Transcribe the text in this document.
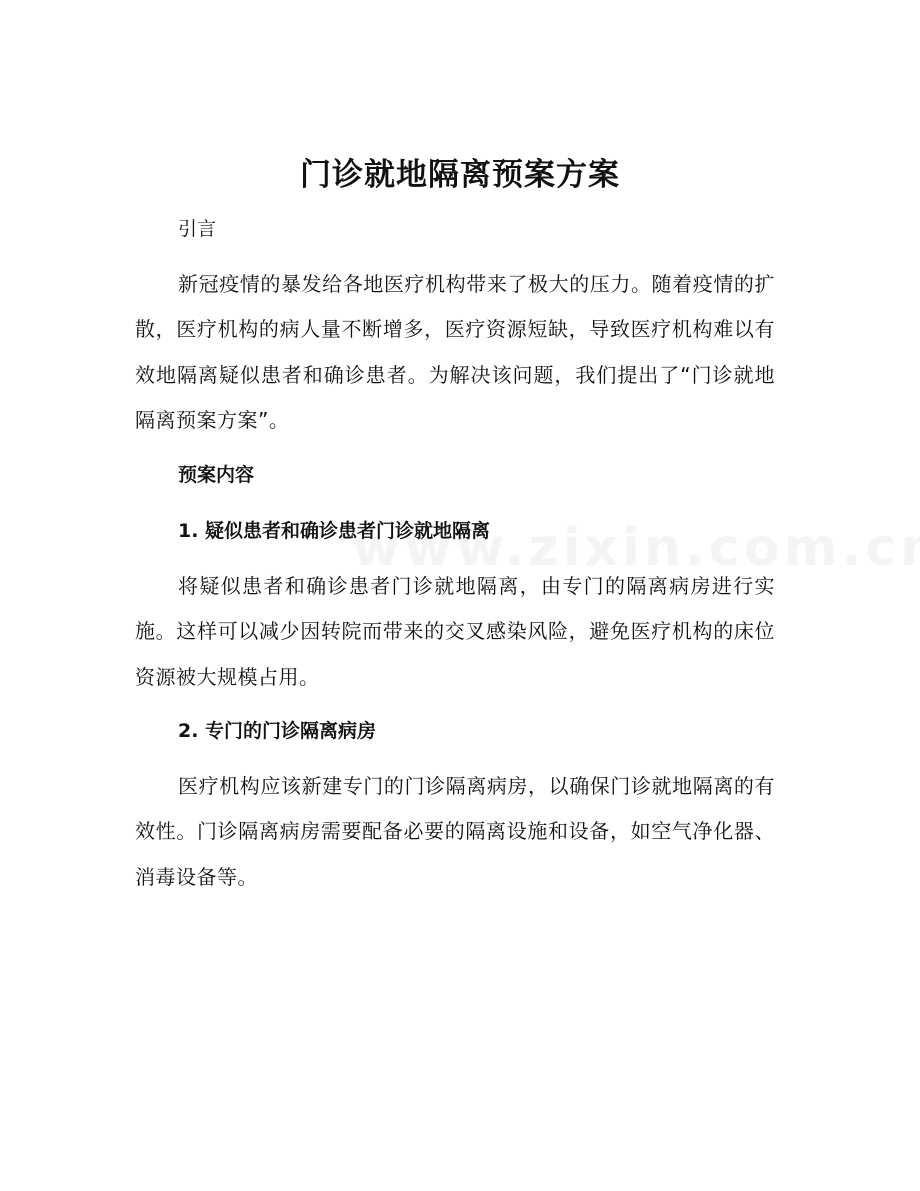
门诊就地隔离预案方案
引言
新冠疫情的暴发给各地医疗机构带来了极大的压力。随着疫情的扩散，医疗机构的病人量不断增多，医疗资源短缺，导致医疗机构难以有效地隔离疑似患者和确诊患者。为解决该问题，我们提出了“门诊就地隔离预案方案”。
预案内容
1. 疑似患者和确诊患者门诊就地隔离
将疑似患者和确诊患者门诊就地隔离，由专门的隔离病房进行实施。这样可以减少因转院而带来的交叉感染风险，避免医疗机构的床位资源被大规模占用。
2. 专门的门诊隔离病房
医疗机构应该新建专门的门诊隔离病房，以确保门诊就地隔离的有效性。门诊隔离病房需要配备必要的隔离设施和设备，如空气净化器、消毒设备等。
